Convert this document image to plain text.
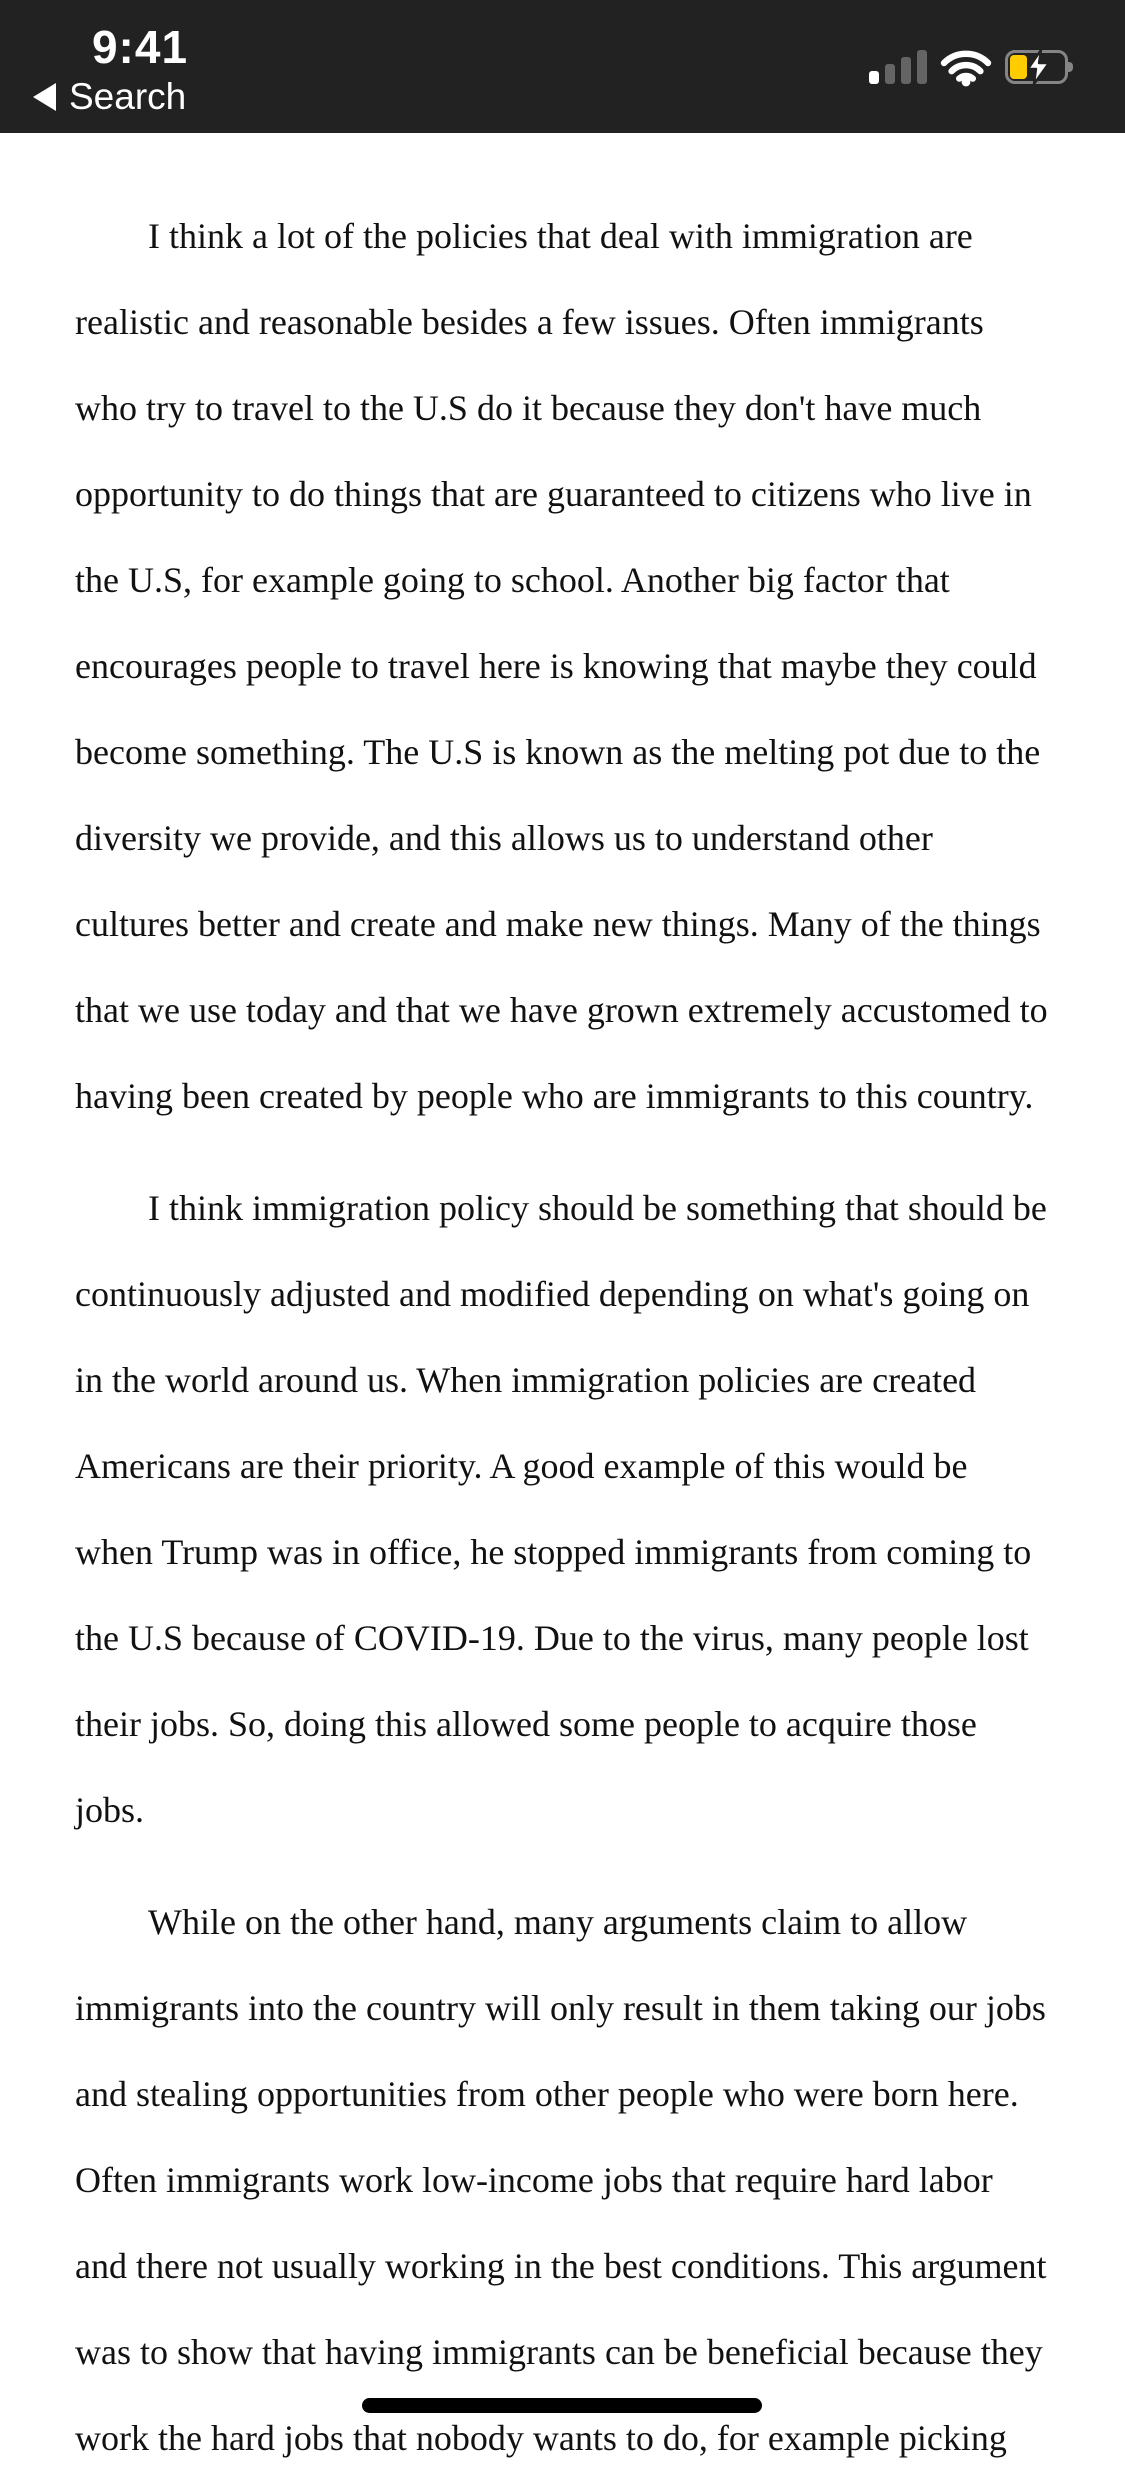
9:41
Search
I think a lot of the policies that deal with immigration are
realistic and reasonable besides a few issues. Often immigrants
who try to travel to the U.S do it because they don't have much
opportunity to do things that are guaranteed to citizens who live in
the U.S, for example going to school. Another big factor that
encourages people to travel here is knowing that maybe they could
become something. The U.S is known as the melting pot due to the
diversity we provide, and this allows us to understand other
cultures better and create and make new things. Many of the things
that we use today and that we have grown extremely accustomed to
having been created by people who are immigrants to this country.
I think immigration policy should be something that should be
continuously adjusted and modified depending on what's going on
in the world around us. When immigration policies are created
Americans are their priority. A good example of this would be
when Trump was in office, he stopped immigrants from coming to
the U.S because of COVID-19. Due to the virus, many people lost
their jobs. So, doing this allowed some people to acquire those
jobs.
While on the other hand, many arguments claim to allow
immigrants into the country will only result in them taking our jobs
and stealing opportunities from other people who were born here.
Often immigrants work low-income jobs that require hard labor
and there not usually working in the best conditions. This argument
was to show that having immigrants can be beneficial because they
work the hard jobs that nobody wants to do, for example picking
